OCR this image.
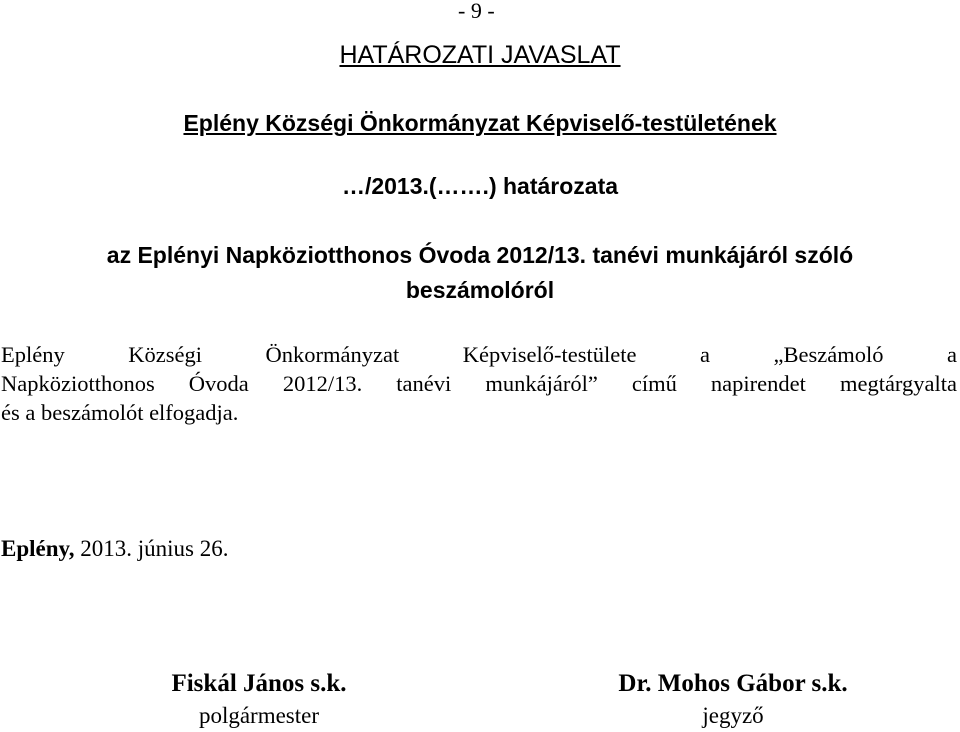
- 9 -
HATÁROZATI JAVASLAT
Eplény Községi Önkormányzat Képviselő-testületének
…/2013.(…….) határozata
az Eplényi Napköziotthonos Óvoda 2012/13. tanévi munkájáról szóló
beszámolóról
Eplény Községi Önkormányzat Képviselő-testülete a „Beszámoló a
Napköziotthonos Óvoda 2012/13. tanévi munkájáról” című napirendet megtárgyalta
és a beszámolót elfogadja.
Eplény, 2013. június 26.
Fiskál János s.k.
polgármester
Dr. Mohos Gábor s.k.
jegyző
